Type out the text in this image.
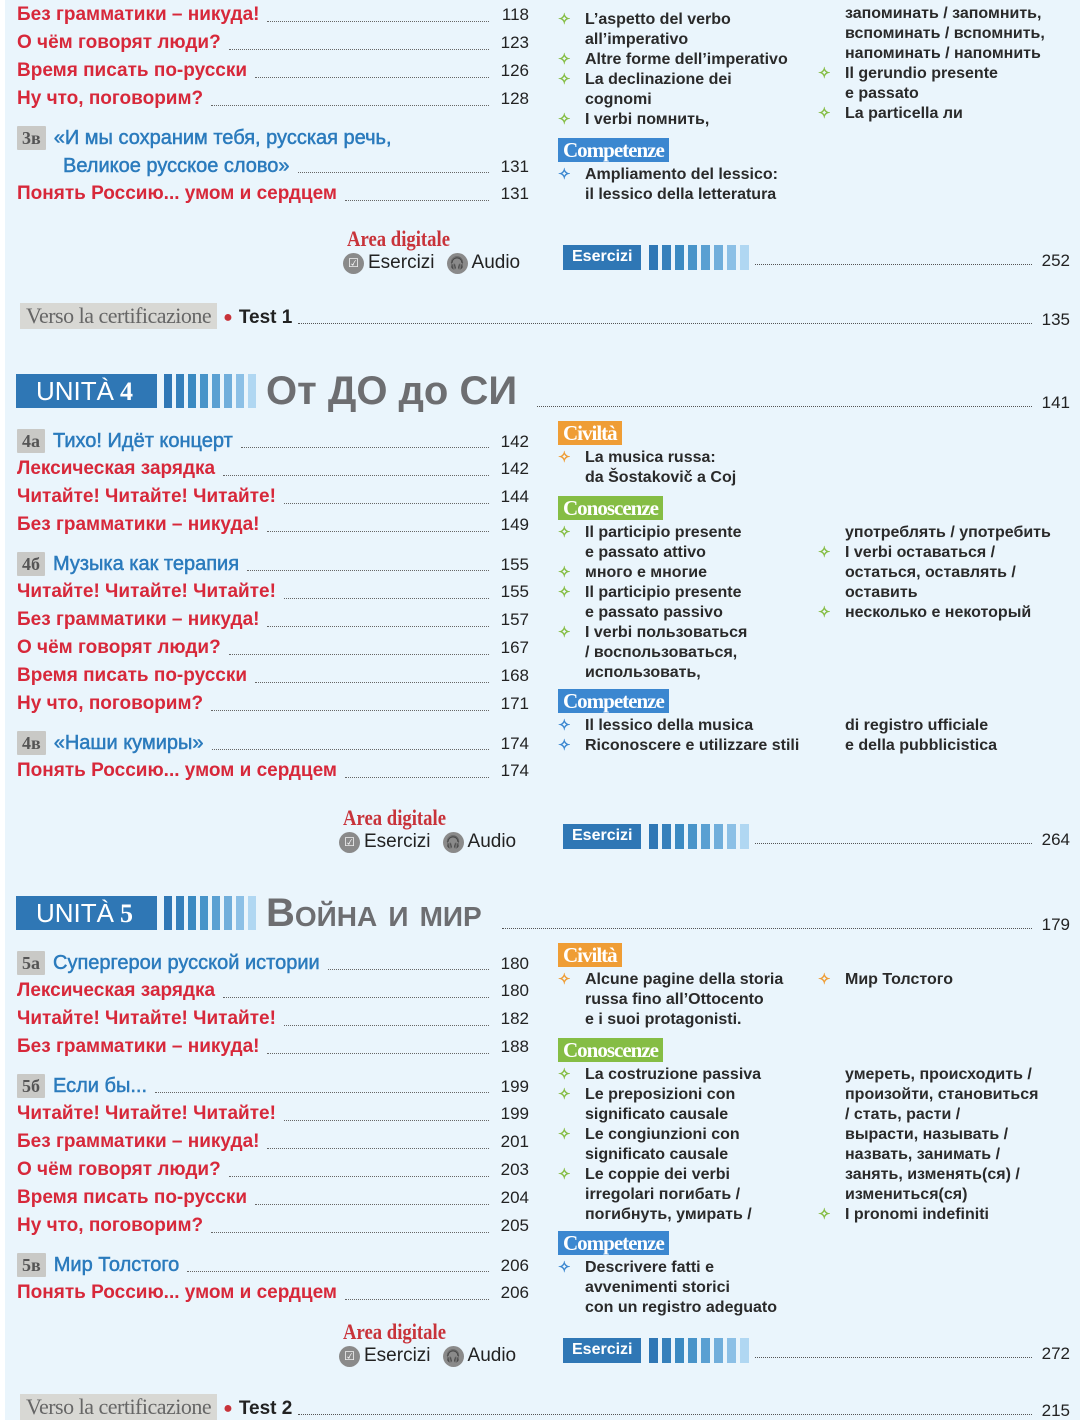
Без грамматики – никуда!	118
О чём говорят люди?	123
Время писать по-русски	126
Ну что, поговорим?	128
3в «И мы сохраним тебя, русская речь,
Великое русское слово»	131
Понять Россию... умом и сердцем	131
4а Тихо! Идёт концерт	142
Лексическая зарядка	142
Читайте! Читайте! Читайте!	144
Без грамматики – никуда!	149
4б Музыка как терапия	155
Читайте! Читайте! Читайте!	155
Без грамматики – никуда!	157
О чём говорят люди?	167
Время писать по-русски	168
Ну что, поговорим?	171
4в «Наши кумиры»	174
Понять Россию... умом и сердцем	174
5а Супергерои русской истории	180
Лексическая зарядка	180
Читайте! Читайте! Читайте!	182
Без грамматики – никуда!	188
5б Если бы...	199
Читайте! Читайте! Читайте!	199
Без грамматики – никуда!	201
О чём говорят люди?	203
Время писать по-русски	204
Ну что, поговорим?	205
5в Мир Толстого	206
Понять Россию... умом и сердцем	206
Area digitale
☑ Esercizi 🎧 Audio
Area digitale
☑ Esercizi 🎧 Audio
Area digitale
☑ Esercizi 🎧 Audio
Esercizi	252
Esercizi	264
Esercizi	272
Verso la certificazione ● Test 1	135
Verso la certificazione ● Test 2	215
UNITÀ 4	От ДО до СИ	141
UNITÀ 5	Война и мир	179
✧ L’aspetto del verbo
all’imperativo
✧ Altre forme dell’imperativo
✧ La declinazione dei
cognomi
✧ I verbi помнить,
запоминать / запомнить,
вспоминать / вспомнить,
напоминать / напомнить
✧ Il gerundio presente
e passato
✧ La particella ли
Competenze
✧ Ampliamento del lessico:
il lessico della letteratura
Civiltà
✧ La musica russa:
da Šostakovič a Coj
Conoscenze
✧ Il participio presente
e passato attivo
✧ много e многие
✧ Il participio presente
e passato passivo
✧ I verbi пользоваться
/ воспользоваться,
использовать,
употреблять / употребить
✧ I verbi оставаться /
остаться, оставлять /
оставить
✧ несколько e некоторый
Competenze
✧ Il lessico della musica
✧ Riconoscere e utilizzare stili
di registro ufficiale
e della pubblicistica
Civiltà
✧ Alcune pagine della storia
russa fino all’Ottocento
e i suoi protagonisti.
✧ Мир Толстого
Conoscenze
✧ La costruzione passiva
✧ Le preposizioni con
significato causale
✧ Le congiunzioni con
significato causale
✧ Le coppie dei verbi
irregolari погибать /
погибнуть, умирать /
умереть, происходить /
произойти, становиться
/ стать, расти /
вырасти, называть /
назвать, занимать /
занять, изменять(ся) /
измениться(ся)
✧ I pronomi indefiniti
Competenze
✧ Descrivere fatti e
avvenimenti storici
con un registro adeguato
